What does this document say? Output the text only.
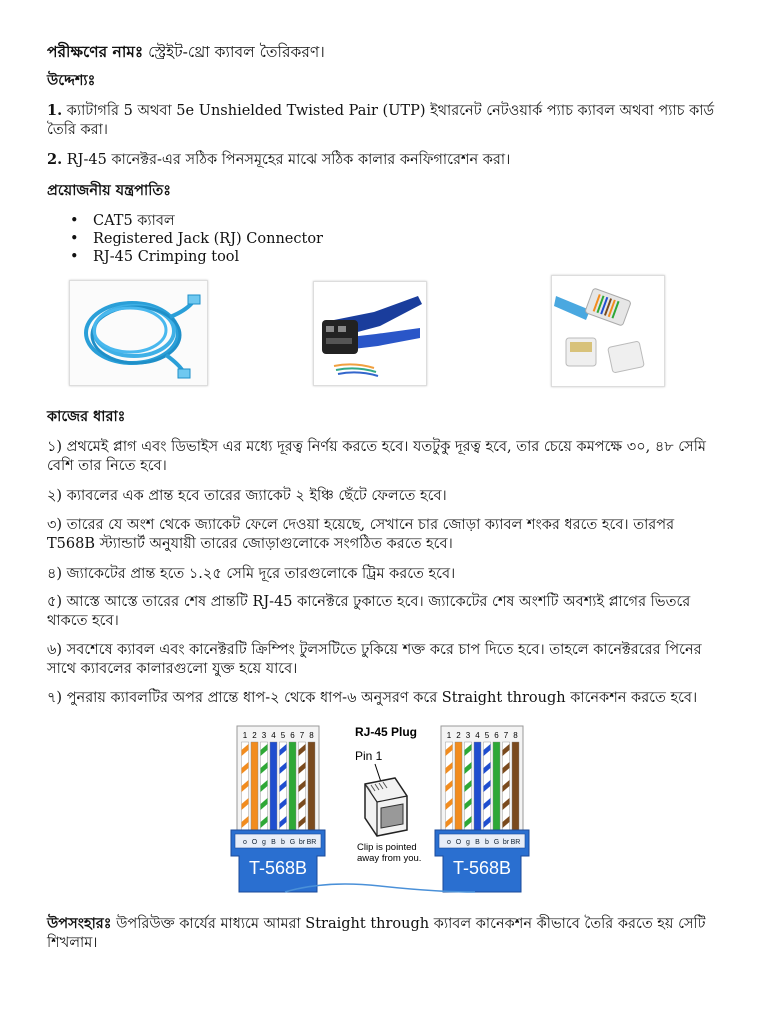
পরীক্ষণের নামঃ স্ট্রেইট-থ্রো ক্যাবল তৈরিকরণ।

উদ্দেশ্যঃ

1. ক্যাটাগরি 5 অথবা 5e Unshielded Twisted Pair (UTP) ইথারনেট নেটওয়ার্ক প্যাচ ক্যাবল অথবা প্যাচ কার্ড তৈরি করা।

2. RJ-45 কানেক্টর-এর সঠিক পিনসমূহের মাঝে সঠিক কালার কনফিগারেশন করা।

প্রয়োজনীয় যন্ত্রপাতিঃ

• CAT5 ক্যাবল
• Registered Jack (RJ) Connector
• RJ-45 Crimping tool

কাজের ধারাঃ

১) প্রথমেই প্লাগ এবং ডিভাইস এর মধ্যে দূরত্ব নির্ণয় করতে হবে। যতটুকু দূরত্ব হবে, তার চেয়ে কমপক্ষে ৩০, ৪৮ সেমি বেশি তার নিতে হবে।

২) ক্যাবলের এক প্রান্ত হবে তারের জ্যাকেট ২ ইঞ্চি ছেঁটে ফেলতে হবে।

৩) তারের যে অংশ থেকে জ্যাকেট ফেলে দেওয়া হয়েছে, সেখানে চার জোড়া ক্যাবল শংকর ধরতে হবে। তারপর T568B স্ট্যান্ডার্ট অনুযায়ী তারের জোড়াগুলোকে সংগঠিত করতে হবে।

৪) জ্যাকেটের প্রান্ত হতে ১.২৫ সেমি দূরে তারগুলোকে ট্রিম করতে হবে।

৫) আস্তে আস্তে তারের শেষ প্রান্তটি RJ-45 কানেক্টরে ঢুকাতে হবে। জ্যাকেটের শেষ অংশটি অবশ্যই প্লাগের ভিতরে থাকতে হবে।

৬) সবশেষে ক্যাবল এবং কানেক্টরটি ক্রিম্পিং টুলসটিতে ঢুকিয়ে শক্ত করে চাপ দিতে হবে। তাহলে কানেক্টররের পিনের সাথে ক্যাবলের কালারগুলো যুক্ত হয়ে যাবে।

৭) পুনরায় ক্যাবলটির অপর প্রান্তে ধাপ-২ থেকে ধাপ-৬ অনুসরণ করে Straight through কানেকশন করতে হবে।

1 2 3 4 5 6 7 8
o O g B b G br BR
T-568B
1 2 3 4 5 6 7 8
o O g B b G br BR
T-568B
RJ-45 Plug
Pin 1
Clip is pointed
away from you.

উপসংহারঃ উপরিউক্ত কার্যের মাধ্যমে আমরা Straight through ক্যাবল কানেকশন কীভাবে তৈরি করতে হয় সেটি শিখলাম।
